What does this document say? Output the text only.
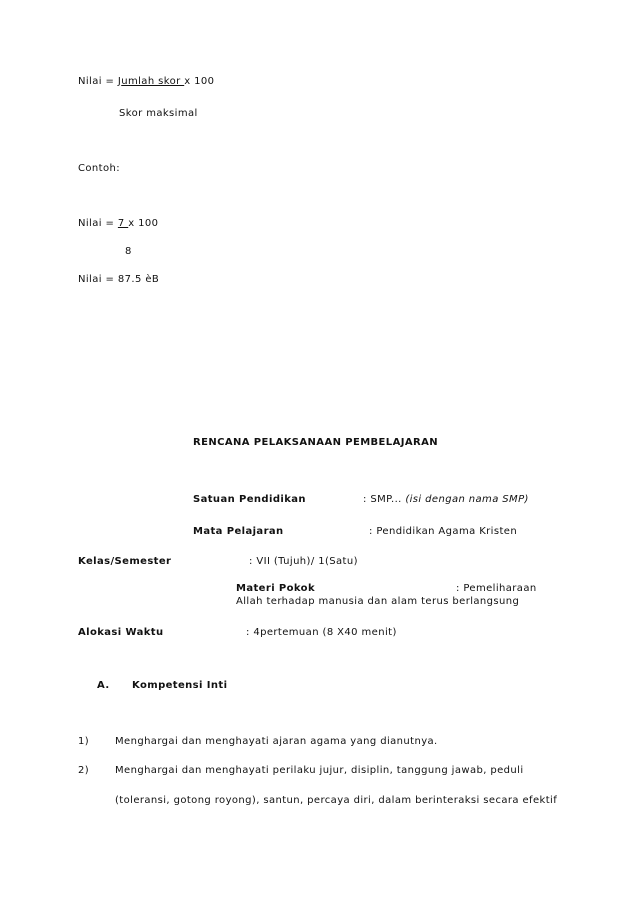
Nilai = Jumlah skor x 100
Skor maksimal
Contoh:
Nilai = 7 x 100
8
Nilai = 87.5 èB
RENCANA PELAKSANAAN PEMBELAJARAN
Satuan Pendidikan	: SMP... (isi dengan nama SMP)
Mata Pelajaran	: Pendidikan Agama Kristen
Kelas/Semester	: VII (Tujuh)/ 1(Satu)
Materi Pokok	: Pemeliharaan
Allah terhadap manusia dan alam terus berlangsung
Alokasi Waktu	: 4pertemuan (8 X40 menit)
A. Kompetensi Inti
1)	Menghargai dan menghayati ajaran agama yang dianutnya.
2)	Menghargai dan menghayati perilaku jujur, disiplin, tanggung jawab, peduli
(toleransi, gotong royong), santun, percaya diri, dalam berinteraksi secara efektif
